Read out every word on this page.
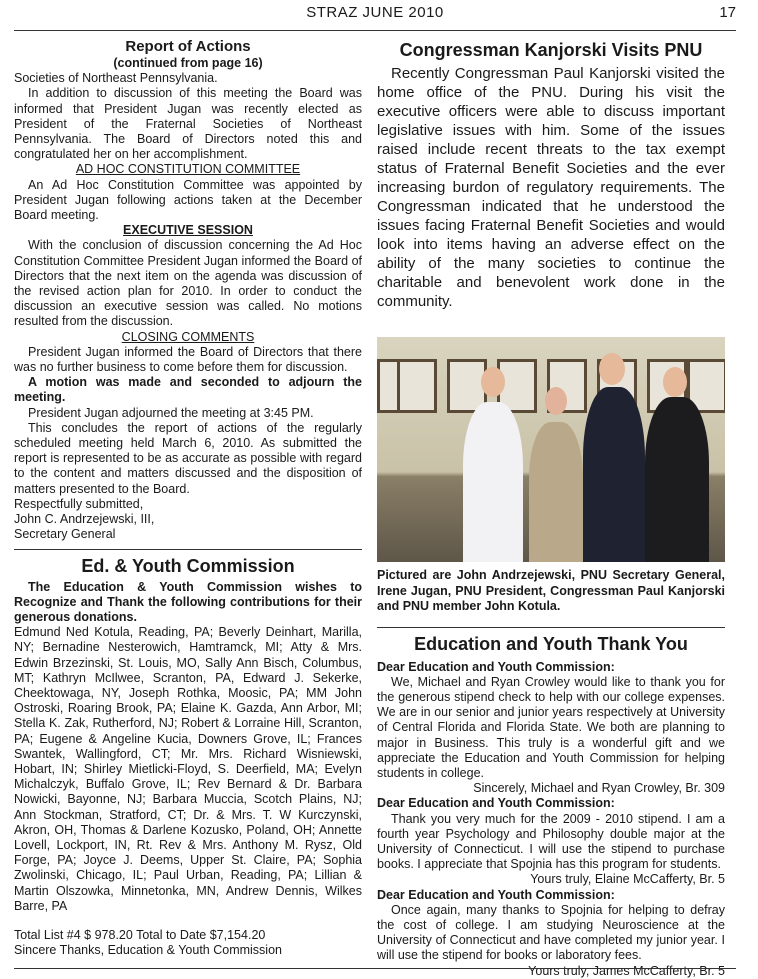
STRAZ JUNE 2010	17
Report of Actions
(continued from page 16)

Societies of Northeast Pennsylvania.

In addition to discussion of this meeting the Board was informed that President Jugan was recently elected as President of the Fraternal Societies of Northeast Pennsylvania. The Board of Directors noted this and congratulated her on her accomplishment.

AD HOC CONSTITUTION COMMITTEE

An Ad Hoc Constitution Committee was appointed by President Jugan following actions taken at the December Board meeting.

EXECUTIVE SESSION

With the conclusion of discussion concerning the Ad Hoc Constitution Committee President Jugan informed the Board of Directors that the next item on the agenda was discussion of the revised action plan for 2010. In order to conduct the discussion an executive session was called. No motions resulted from the discussion.

CLOSING COMMENTS

President Jugan informed the Board of Directors that there was no further business to come before them for discussion.

A motion was made and seconded to adjourn the meeting.

President Jugan adjourned the meeting at 3:45 PM.

This concludes the report of actions of the regularly scheduled meeting held March 6, 2010. As submitted the report is represented to be as accurate as possible with regard to the content and matters discussed and the disposition of matters presented to the Board.

Respectfully submitted,
John C. Andrzejewski, III,
Secretary General
Ed. & Youth Commission

The Education & Youth Commission wishes to Recognize and Thank the following contributions for their generous donations.

Edmund Ned Kotula, Reading, PA; Beverly Deinhart, Marilla, NY; Bernadine Nesterowich, Hamtramck, MI; Atty & Mrs. Edwin Brzezinski, St. Louis, MO, Sally Ann Bisch, Columbus, MT; Kathryn McIlwee, Scranton, PA, Edward J. Sekerke, Cheektowaga, NY, Joseph Rothka, Moosic, PA; MM John Ostroski, Roaring Brook, PA; Elaine K. Gazda, Ann Arbor, MI; Stella K. Zak, Rutherford, NJ; Robert & Lorraine Hill, Scranton, PA; Eugene & Angeline Kucia, Downers Grove, IL; Frances Swantek, Wallingford, CT; Mr. Mrs. Richard Wisniewski, Hobart, IN; Shirley Mietlicki-Floyd, S. Deerfield, MA; Evelyn Michalczyk, Buffalo Grove, IL; Rev Bernard & Dr. Barbara Nowicki, Bayonne, NJ; Barbara Muccia, Scotch Plains, NJ; Ann Stockman, Stratford, CT; Dr. & Mrs. T. W Kurczynski, Akron, OH, Thomas & Darlene Kozusko, Poland, OH; Annette Lovell, Lockport, IN, Rt. Rev & Mrs. Anthony M. Rysz, Old Forge, PA; Joyce J. Deems, Upper St. Claire, PA; Sophia Zwolinski, Chicago, IL; Paul Urban, Reading, PA; Lillian & Martin Olszowka, Minnetonka, MN, Andrew Dennis, Wilkes Barre, PA

Total List #4 $ 978.20 Total to Date $7,154.20
Sincere Thanks, Education & Youth Commission
Congressman Kanjorski Visits PNU

Recently Congressman Paul Kanjorski visited the home office of the PNU. During his visit the executive officers were able to discuss important legislative issues with him. Some of the issues raised include recent threats to the tax exempt status of Fraternal Benefit Societies and the ever increasing burdon of regulatory requirements. The Congressman indicated that he understood the issues facing Fraternal Benefit Societies and would look into items having an adverse effect on the ability of the many societies to continue the charitable and benevolent work done in the community.

Pictured are John Andrzejewski, PNU Secretary General, Irene Jugan, PNU President, Congressman Paul Kanjorski and PNU member John Kotula.
Education and Youth Thank You
Dear Education and Youth Commission:

We, Michael and Ryan Crowley would like to thank you for the generous stipend check to help with our college expenses. We are in our senior and junior years respectively at University of Central Florida and Florida State. We both are planning to major in Business. This truly is a wonderful gift and we appreciate the Education and Youth Commission for helping students in college.

Sincerely, Michael and Ryan Crowley, Br. 309
Dear Education and Youth Commission:

Thank you very much for the 2009 - 2010 stipend. I am a fourth year Psychology and Philosophy double major at the University of Connecticut. I will use the stipend to purchase books. I appreciate that Spojnia has this program for students.

Yours truly, Elaine McCafferty, Br. 5
Dear Education and Youth Commission:

Once again, many thanks to Spojnia for helping to defray the cost of college. I am studying Neuroscience at the University of Connecticut and have completed my junior year. I will use the stipend for books or laboratory fees.

Yours truly, James McCafferty, Br. 5
